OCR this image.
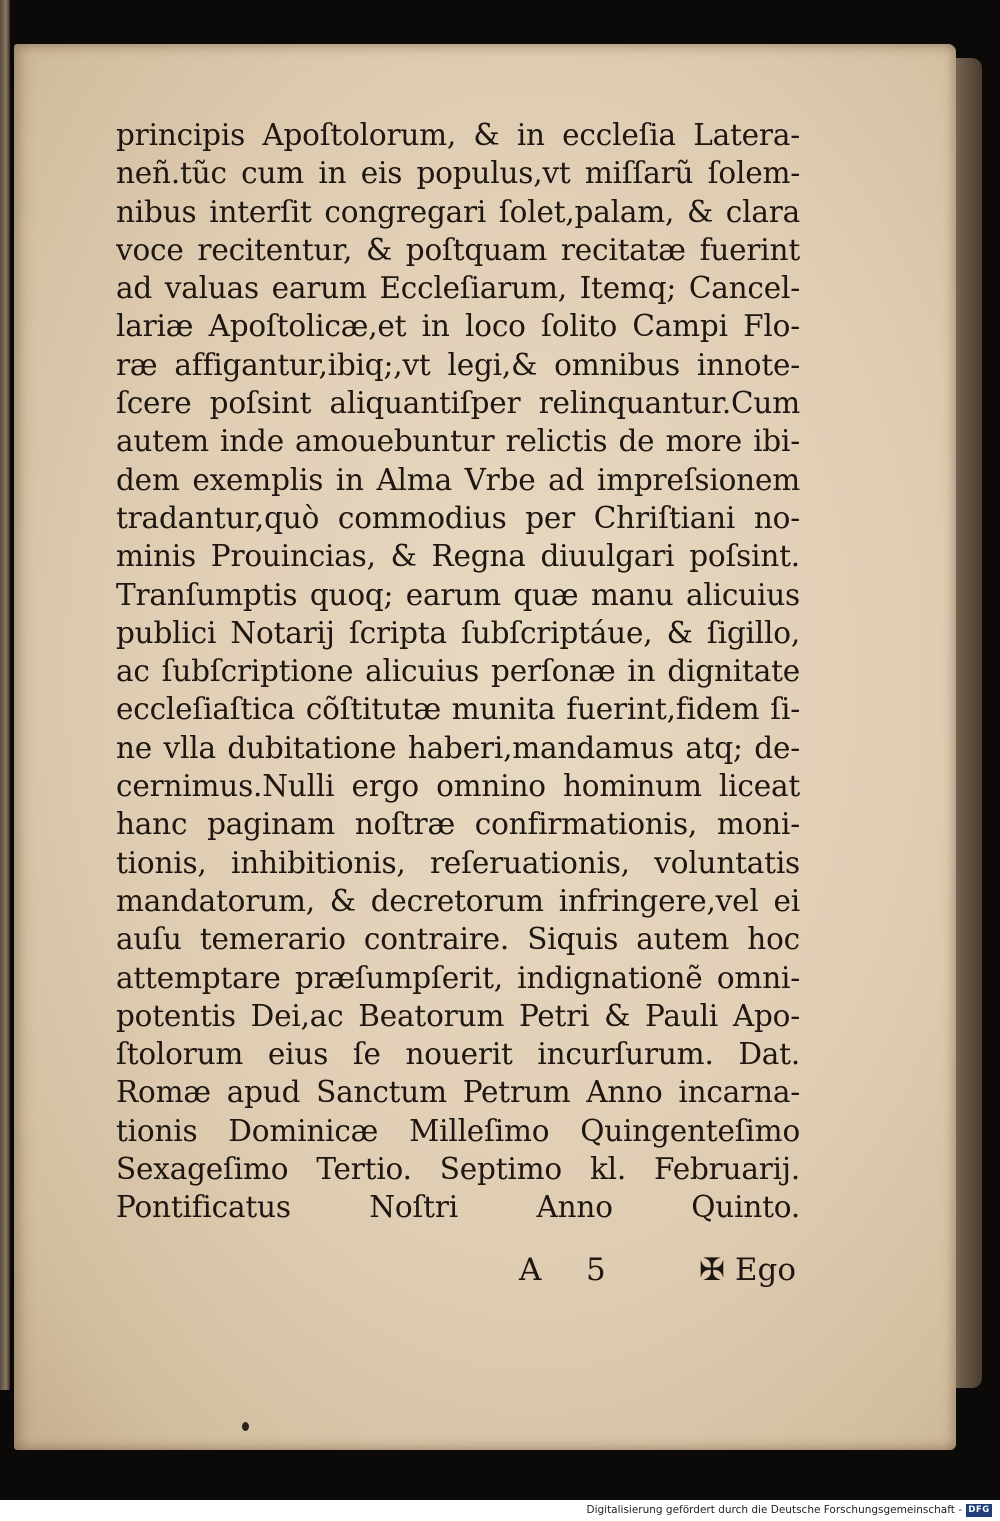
principis Apoſtolorum, & in eccleſia Latera-
neñ.tũc cum in eis populus,vt miſſarũ ſolem-
nibus interſit congregari ſolet,palam, & clara
voce recitentur, & poſtquam recitatæ fuerint
ad valuas earum Eccleſiarum, Itemq; Cancel-
lariæ Apoſtolicæ,et in loco ſolito Campi Flo-
ræ affigantur,ibiq;,vt legi,& omnibus innote-
ſcere poſsint aliquantiſper relinquantur.Cum
autem inde amouebuntur relictis de more ibi-
dem exemplis in Alma Vrbe ad impreſsionem
tradantur,quò commodius per Chriſtiani no-
minis Prouincias, & Regna diuulgari poſsint.
Tranſumptis quoq; earum quæ manu alicuius
publici Notarij ſcripta ſubſcriptáue, & ſigillo,
ac ſubſcriptione alicuius perſonæ in dignitate
eccleſiaſtica cõſtitutæ munita fuerint,fidem ſi-
ne vlla dubitatione haberi,mandamus atq; de-
cernimus.Nulli ergo omnino hominum liceat
hanc paginam noſtræ confirmationis, moni-
tionis, inhibitionis, reſeruationis, voluntatis
mandatorum, & decretorum infringere,vel ei
auſu temerario contraire. Siquis autem hoc
attemptare præſumpſerit, indignationẽ omni-
potentis Dei,ac Beatorum Petri & Pauli Apo-
ſtolorum eius ſe nouerit incurſurum. Dat.
Romæ apud Sanctum Petrum Anno incarna-
tionis Dominicæ Milleſimo Quingenteſimo
Sexageſimo Tertio. Septimo kl. Februarij.
Pontificatus Noſtri Anno Quinto.
A 5	✠ Ego
Digitalisierung gefördert durch die Deutsche Forschungsgemeinschaft - DFG
